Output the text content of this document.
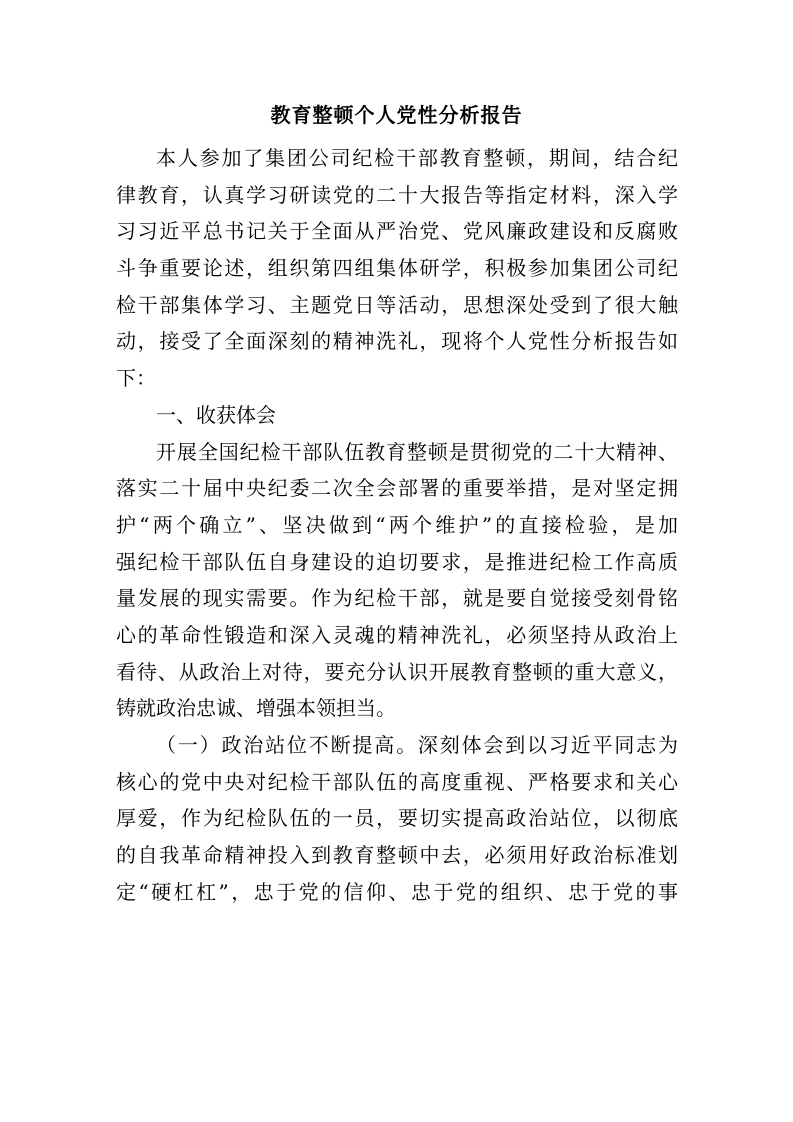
教育整顿个人党性分析报告
本人参加了集团公司纪检干部教育整顿，期间，结合纪
律教育，认真学习研读党的二十大报告等指定材料，深入学
习习近平总书记关于全面从严治党、党风廉政建设和反腐败
斗争重要论述，组织第四组集体研学，积极参加集团公司纪
检干部集体学习、主题党日等活动，思想深处受到了很大触
动，接受了全面深刻的精神洗礼，现将个人党性分析报告如
下：
一、收获体会
开展全国纪检干部队伍教育整顿是贯彻党的二十大精神、
落实二十届中央纪委二次全会部署的重要举措，是对坚定拥
护“两个确立”、坚决做到“两个维护”的直接检验，是加
强纪检干部队伍自身建设的迫切要求，是推进纪检工作高质
量发展的现实需要。作为纪检干部，就是要自觉接受刻骨铭
心的革命性锻造和深入灵魂的精神洗礼，必须坚持从政治上
看待、从政治上对待，要充分认识开展教育整顿的重大意义，
铸就政治忠诚、增强本领担当。
（一）政治站位不断提高。深刻体会到以习近平同志为
核心的党中央对纪检干部队伍的高度重视、严格要求和关心
厚爱，作为纪检队伍的一员，要切实提高政治站位，以彻底
的自我革命精神投入到教育整顿中去，必须用好政治标准划
定“硬杠杠”，忠于党的信仰、忠于党的组织、忠于党的事
